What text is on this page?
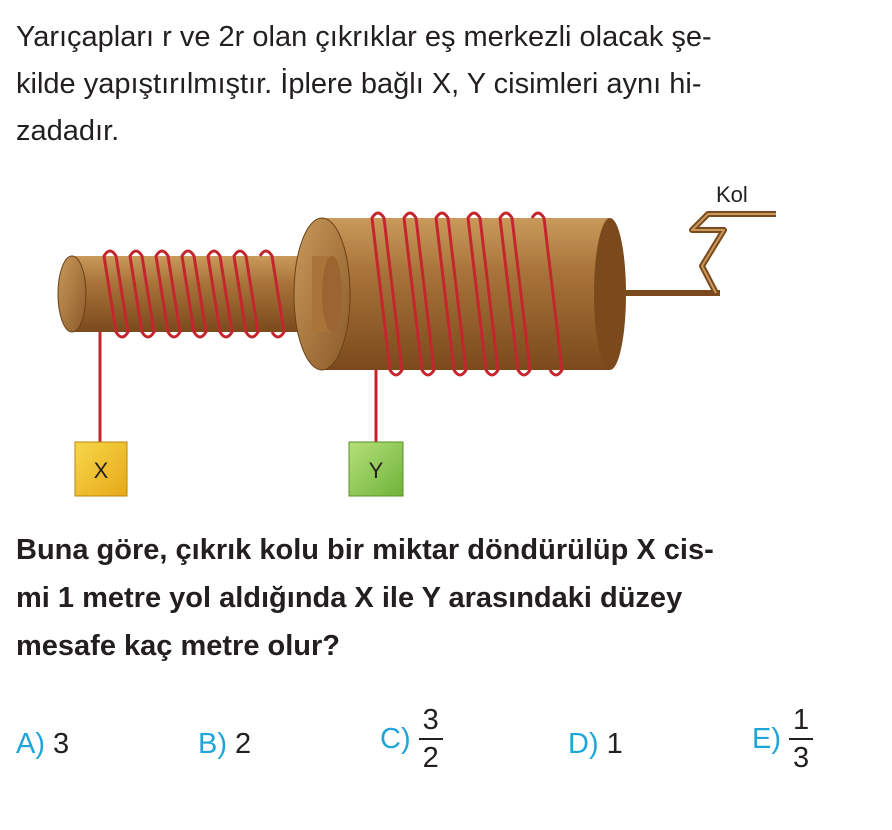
Yarıçapları r ve 2r olan çıkrıklar eş merkezli olacak şe-
kilde yapıştırılmıştır. İplere bağlı X, Y cisimleri aynı hi-
zadadır.
Kol
X	Y
Buna göre, çıkrık kolu bir miktar döndürülüp X cis-
mi 1 metre yol aldığında X ile Y arasındaki düzey
mesafe kaç metre olur?
A) 3	B) 2	$C) \frac{3}{2}$	D) 1	$E) \frac{1}{3}$
